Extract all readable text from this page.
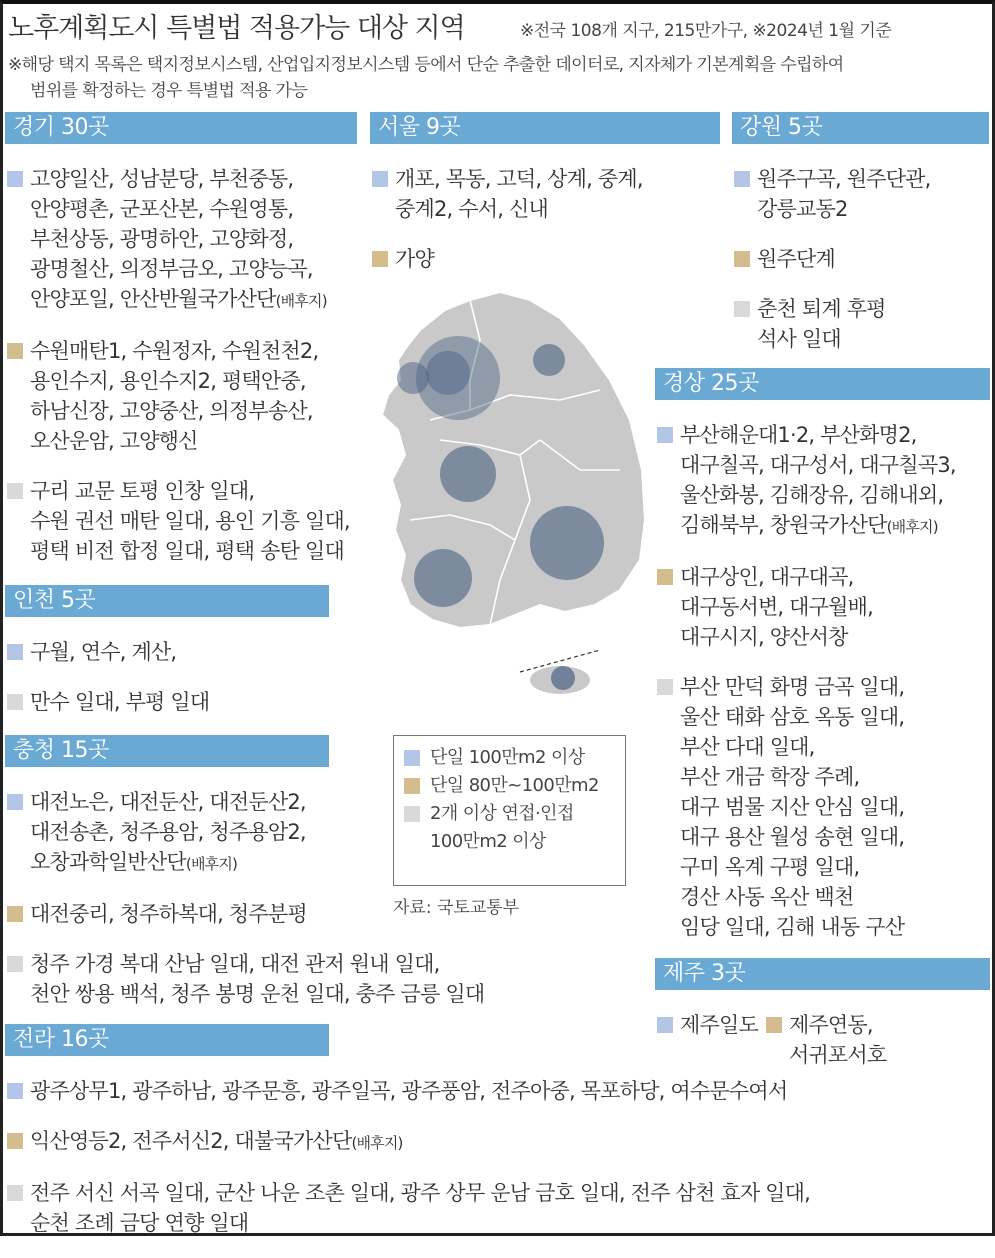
노후계획도시 특별법 적용가능 대상 지역	※전국 108개 지구, 215만가구, ※2024년 1월 기준
※해당 택지 목록은 택지정보시스템, 산업입지정보시스템 등에서 단순 추출한 데이터로, 지자체가 기본계획을 수립하여
범위를 확정하는 경우 특별법 적용 가능
경기 30곳
고양일산, 성남분당, 부천중동,
안양평촌, 군포산본, 수원영통,
부천상동, 광명하안, 고양화정,
광명철산, 의정부금오, 고양능곡,
안양포일, 안산반월국가산단(배후지)
수원매탄1, 수원정자, 수원천천2,
용인수지, 용인수지2, 평택안중,
하남신장, 고양중산, 의정부송산,
오산운암, 고양행신
구리 교문 토평 인창 일대,
수원 권선 매탄 일대, 용인 기흥 일대,
평택 비전 합정 일대, 평택 송탄 일대
인천 5곳
구월, 연수, 계산,
만수 일대, 부평 일대
충청 15곳
대전노은, 대전둔산, 대전둔산2,
대전송촌, 청주용암, 청주용암2,
오창과학일반산단(배후지)
대전중리, 청주하복대, 청주분평
청주 가경 복대 산남 일대, 대전 관저 원내 일대,
천안 쌍용 백석, 청주 봉명 운천 일대, 충주 금릉 일대
전라 16곳
광주상무1, 광주하남, 광주문흥, 광주일곡, 광주풍암, 전주아중, 목포하당, 여수문수여서
익산영등2, 전주서신2, 대불국가산단(배후지)
전주 서신 서곡 일대, 군산 나운 조촌 일대, 광주 상무 운남 금호 일대, 전주 삼천 효자 일대,
순천 조례 금당 연향 일대
서울 9곳
개포, 목동, 고덕, 상계, 중계,
중계2, 수서, 신내
가양
강원 5곳
원주구곡, 원주단관,
강릉교동2
원주단계
춘천 퇴계 후평
석사 일대
경상 25곳
부산해운대1·2, 부산화명2,
대구칠곡, 대구성서, 대구칠곡3,
울산화봉, 김해장유, 김해내외,
김해북부, 창원국가산단(배후지)
대구상인, 대구대곡,
대구동서변, 대구월배,
대구시지, 양산서창
부산 만덕 화명 금곡 일대,
울산 태화 삼호 옥동 일대,
부산 다대 일대,
부산 개금 학장 주례,
대구 범물 지산 안심 일대,
대구 용산 월성 송현 일대,
구미 옥계 구평 일대,
경산 사동 옥산 백천
임당 일대, 김해 내동 구산
제주 3곳
제주일도 제주연동,
서귀포서호
단일 100만m2 이상
단일 80만~100만m2
2개 이상 연접·인접
100만m2 이상
자료: 국토교통부
